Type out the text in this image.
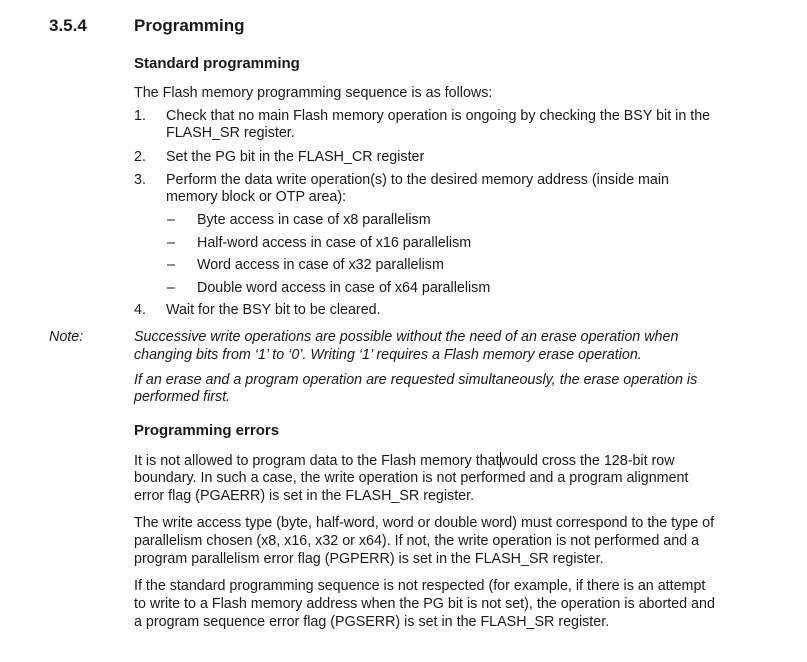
3.5.4	Programming
Standard programming
The Flash memory programming sequence is as follows:
1. Check that no main Flash memory operation is ongoing by checking the BSY bit in the
FLASH_SR register.
2. Set the PG bit in the FLASH_CR register
3. Perform the data write operation(s) to the desired memory address (inside main
memory block or OTP area):
– Byte access in case of x8 parallelism
– Half-word access in case of x16 parallelism
– Word access in case of x32 parallelism
– Double word access in case of x64 parallelism
4. Wait for the BSY bit to be cleared.
Note:	Successive write operations are possible without the need of an erase operation when
changing bits from ‘1’ to ‘0’. Writing ‘1’ requires a Flash memory erase operation.
If an erase and a program operation are requested simultaneously, the erase operation is
performed first.
Programming errors
It is not allowed to program data to the Flash memory thatwould cross the 128-bit row
boundary. In such a case, the write operation is not performed and a program alignment
error flag (PGAERR) is set in the FLASH_SR register.
The write access type (byte, half-word, word or double word) must correspond to the type of
parallelism chosen (x8, x16, x32 or x64). If not, the write operation is not performed and a
program parallelism error flag (PGPERR) is set in the FLASH_SR register.
If the standard programming sequence is not respected (for example, if there is an attempt
to write to a Flash memory address when the PG bit is not set), the operation is aborted and
a program sequence error flag (PGSERR) is set in the FLASH_SR register.
